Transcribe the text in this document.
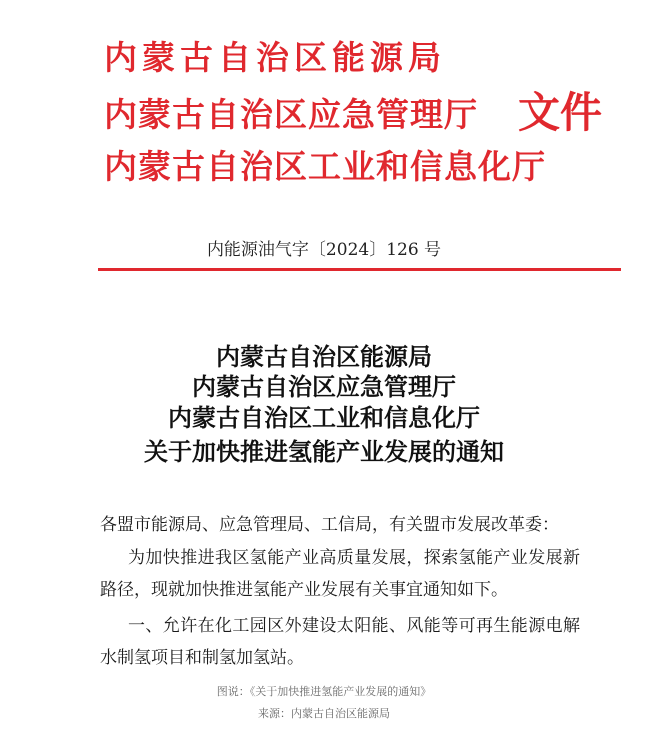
内蒙古自治区能源局
内蒙古自治区应急管理厅 文件
内蒙古自治区工业和信息化厅
内能源油气字〔2024〕126 号
内蒙古自治区能源局
内蒙古自治区应急管理厅
内蒙古自治区工业和信息化厅
关于加快推进氢能产业发展的通知
各盟市能源局、应急管理局、工信局，有关盟市发展改革委：
为加快推进我区氢能产业高质量发展，探索氢能产业发展新
路径，现就加快推进氢能产业发展有关事宜通知如下。
一、允许在化工园区外建设太阳能、风能等可再生能源电解
水制氢项目和制氢加氢站。
图说：《关于加快推进氢能产业发展的通知》
来源：内蒙古自治区能源局
